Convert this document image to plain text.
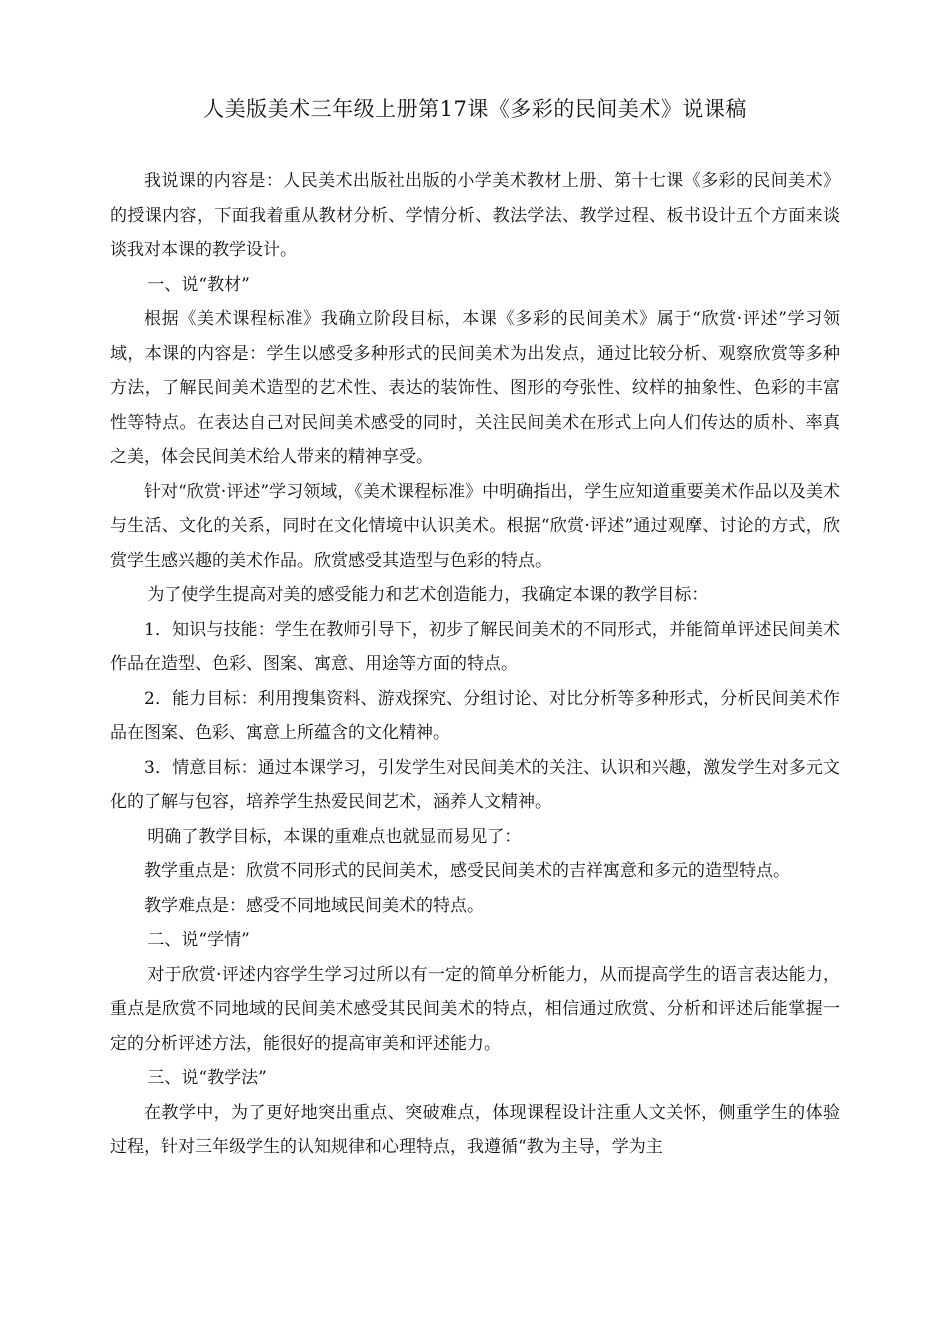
人美版美术三年级上册第17课《多彩的民间美术》说课稿

我说课的内容是：人民美术出版社出版的小学美术教材上册、第十七课《多彩的民间美术》的授课内容，下面我着重从教材分析、学情分析、教法学法、教学过程、板书设计五个方面来谈谈我对本课的教学设计。

一、说“教材”

根据《美术课程标准》我确立阶段目标，本课《多彩的民间美术》属于“欣赏·评述”学习领域，本课的内容是：学生以感受多种形式的民间美术为出发点，通过比较分析、观察欣赏等多种方法，了解民间美术造型的艺术性、表达的装饰性、图形的夸张性、纹样的抽象性、色彩的丰富性等特点。在表达自己对民间美术感受的同时，关注民间美术在形式上向人们传达的质朴、率真之美，体会民间美术给人带来的精神享受。

针对“欣赏·评述”学习领域，《美术课程标准》中明确指出，学生应知道重要美术作品以及美术与生活、文化的关系，同时在文化情境中认识美术。根据“欣赏·评述”通过观摩、讨论的方式，欣赏学生感兴趣的美术作品。欣赏感受其造型与色彩的特点。

为了使学生提高对美的感受能力和艺术创造能力，我确定本课的教学目标：

1．知识与技能：学生在教师引导下，初步了解民间美术的不同形式，并能简单评述民间美术作品在造型、色彩、图案、寓意、用途等方面的特点。

2．能力目标：利用搜集资料、游戏探究、分组讨论、对比分析等多种形式，分析民间美术作品在图案、色彩、寓意上所蕴含的文化精神。

3．情意目标：通过本课学习，引发学生对民间美术的关注、认识和兴趣，激发学生对多元文化的了解与包容，培养学生热爱民间艺术，涵养人文精神。

明确了教学目标，本课的重难点也就显而易见了：

教学重点是：欣赏不同形式的民间美术，感受民间美术的吉祥寓意和多元的造型特点。

教学难点是：感受不同地域民间美术的特点。

二、说“学情”

对于欣赏·评述内容学生学习过所以有一定的简单分析能力，从而提高学生的语言表达能力，重点是欣赏不同地域的民间美术感受其民间美术的特点，相信通过欣赏、分析和评述后能掌握一定的分析评述方法，能很好的提高审美和评述能力。

三、说“教学法”

在教学中，为了更好地突出重点、突破难点，体现课程设计注重人文关怀，侧重学生的体验过程，针对三年级学生的认知规律和心理特点，我遵循“教为主导，学为主
